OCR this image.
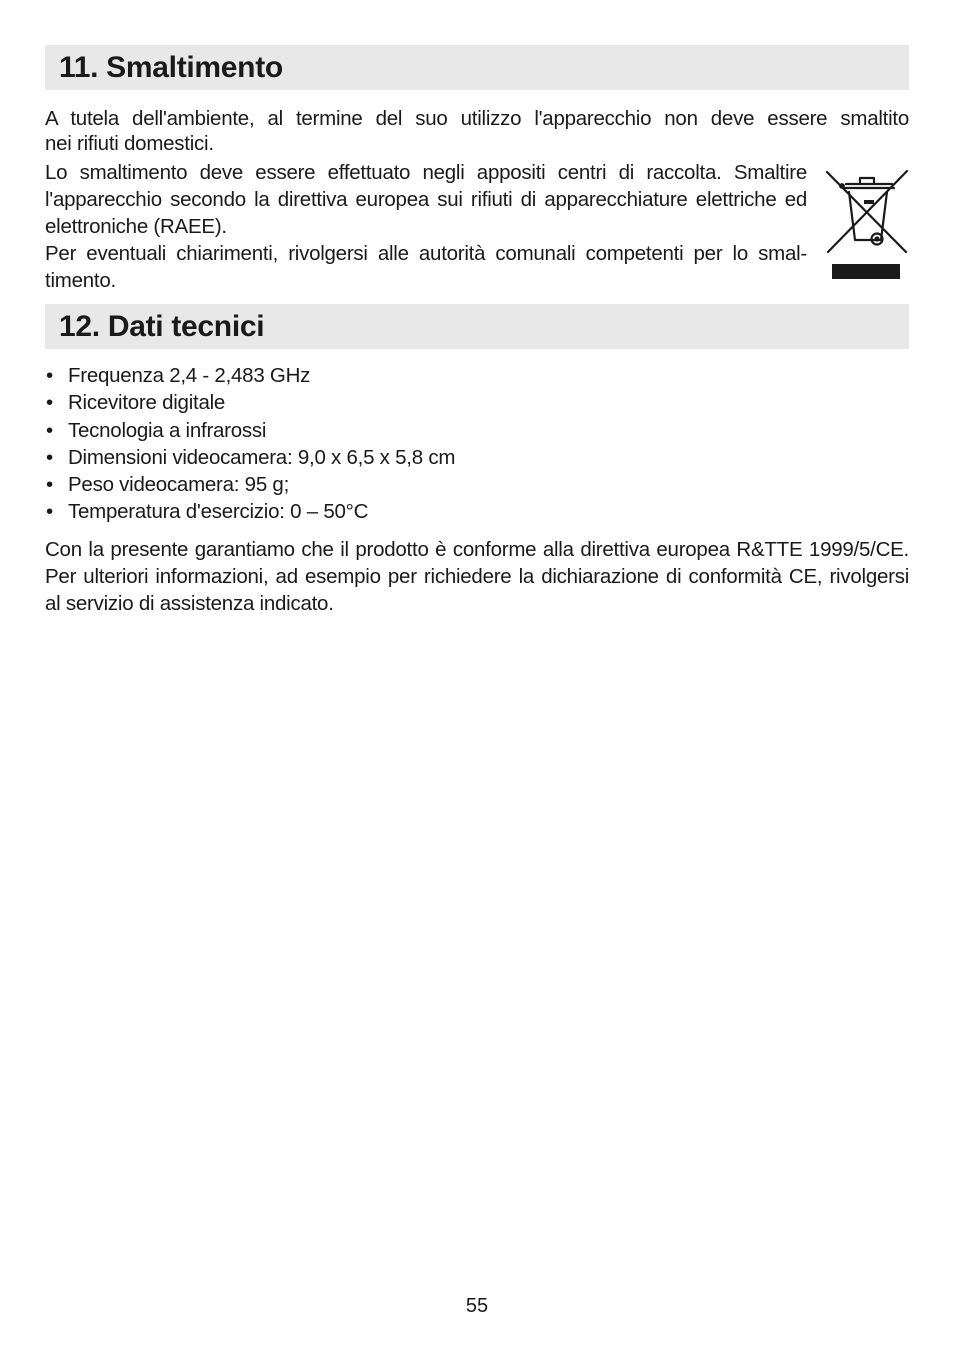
11. Smaltimento

A tutela dell'ambiente, al termine del suo utilizzo l'apparecchio non deve essere smaltito

nei rifiuti domestici.

Lo smaltimento deve essere effettuato negli appositi centri di raccolta. Smaltire l'apparecchio secondo la direttiva europea sui rifiuti di apparecchiature elettriche ed elettroniche (RAEE).

Per eventuali chiarimenti, rivolgersi alle autorità comunali competenti per lo smal-timento.

12. Dati tecnici
• Frequenza 2,4 - 2,483 GHz
• Ricevitore digitale
• Tecnologia a infrarossi
• Dimensioni videocamera: 9,0 x 6,5 x 5,8 cm
• Peso videocamera: 95 g;
• Temperatura d'esercizio: 0 – 50°C

Con la presente garantiamo che il prodotto è conforme alla direttiva europea R&TTE 1999/5/CE. Per ulteriori informazioni, ad esempio per richiedere la dichiarazione di conformità CE, rivolgersi al servizio di assistenza indicato.

55
